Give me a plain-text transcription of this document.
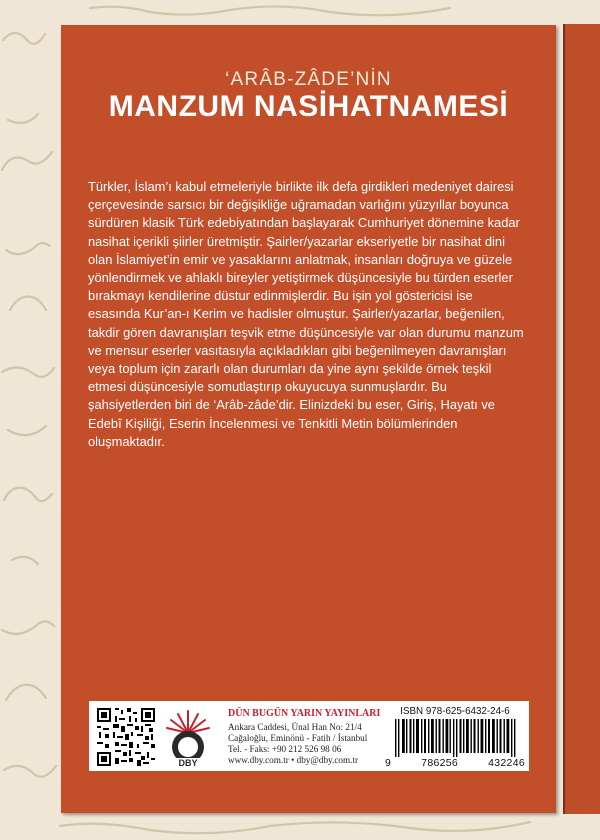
‘ARÂB-ZÂDE’NİN
MANZUM NASİHATNAMESİ

Türkler, İslam’ı kabul etmeleriyle birlikte ilk defa girdikleri medeniyet dairesi çerçevesinde sarsıcı bir değişikliğe uğramadan varlığını yüzyıllar boyunca sürdüren klasik Türk edebiyatından başlayarak Cumhuriyet dönemine kadar nasihat içerikli şiirler üretmiştir. Şairler/yazarlar ekseriyetle bir nasihat dini olan İslamiyet’in emir ve yasaklarını anlatmak, insanları doğruya ve güzele yönlendirmek ve ahlaklı bireyler yetiştirmek düşüncesiyle bu türden eserler bırakmayı kendilerine düstur edinmişlerdir. Bu işin yol göstericisi ise esasında Kur’an-ı Kerim ve hadisler olmuştur. Şairler/yazarlar, beğenilen, takdir gören davranışları teşvik etme düşüncesiyle var olan durumu manzum ve mensur eserler vasıtasıyla açıkladıkları gibi beğenilmeyen davranışları veya toplum için zararlı olan durumları da yine aynı şekilde örnek teşkil etmesi düşüncesiyle somutlaştırıp okuyucuya sunmuşlardır. Bu şahsiyetlerden biri de ‘Arâb-zâde’dir. Elinizdeki bu eser, Giriş, Hayatı ve Edebî Kişiliği, Eserin İncelenmesi ve Tenkitli Metin bölümlerinden oluşmaktadır.

DBY
DÜN BUGÜN YARIN YAYINLARI
Ankara Caddesi, Ünal Han No: 21/4
Cağaloğlu, Eminönü - Fatih / İstanbul
Tel. - Faks: +90 212 526 98 06
www.dby.com.tr • dby@dby.com.tr
ISBN 978-625-6432-24-6
9	786256	432246
